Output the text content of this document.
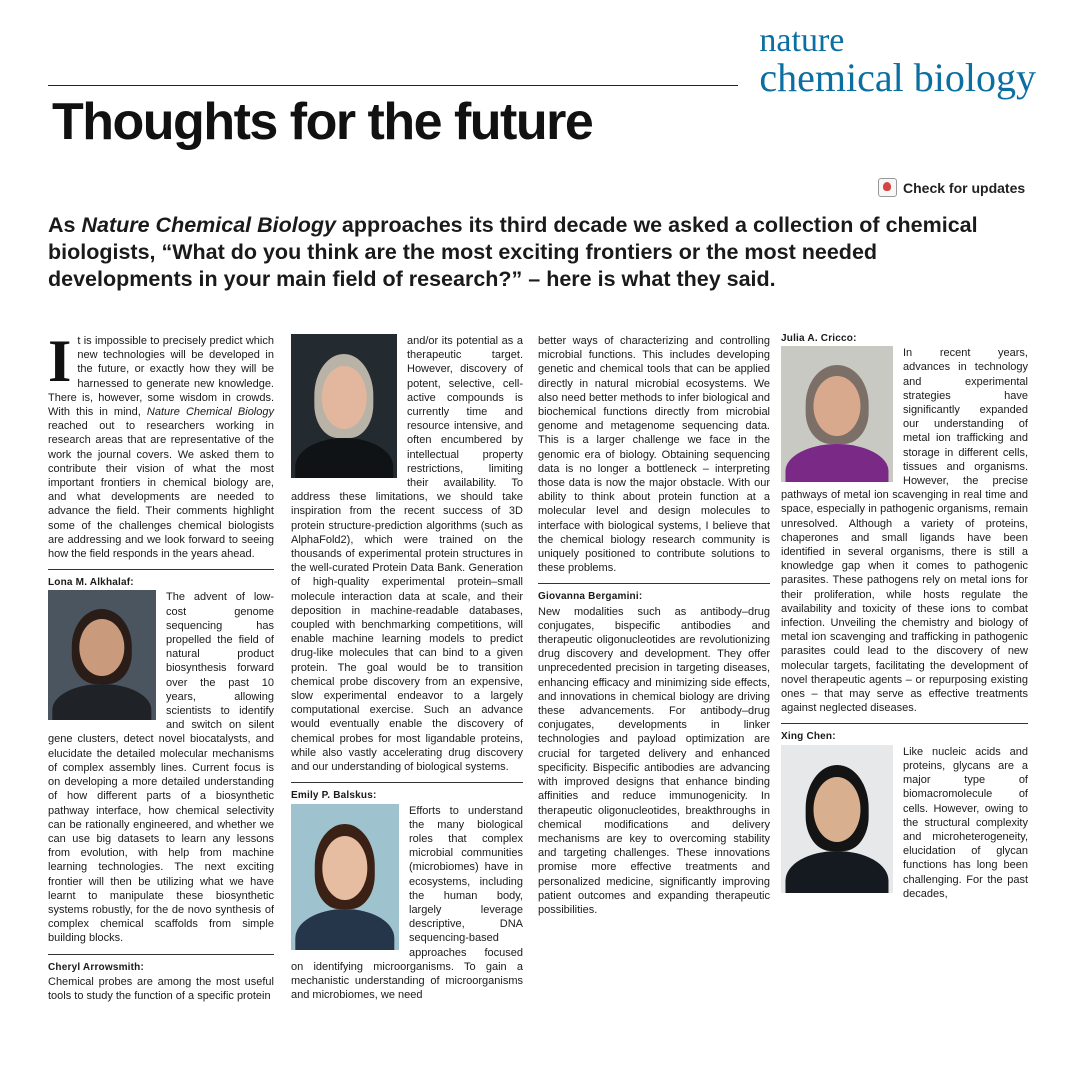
Thoughts for the future
nature
chemical biology
Check for updates

As Nature Chemical Biology approaches its third decade we asked a collection of chemical biologists, “What do you think are the most exciting frontiers or the most needed developments in your main field of research?” – here is what they said.

It is impossible to precisely predict which new technologies will be developed in the future, or exactly how they will be harnessed to generate new knowledge. There is, however, some wisdom in crowds. With this in mind, Nature Chemical Biology reached out to researchers working in research areas that are representative of the work the journal covers. We asked them to contribute their vision of what the most important frontiers in chemical biology are, and what developments are needed to advance the field. Their comments highlight some of the challenges chemical biologists are addressing and we look forward to seeing how the field responds in the years ahead.

Lona M. Alkhalaf:

The advent of low-cost genome sequencing has propelled the field of natural product biosynthesis forward over the past 10 years, allowing scientists to identify and switch on silent gene clusters, detect novel biocatalysts, and elucidate the detailed molecular mechanisms of complex assembly lines. Current focus is on developing a more detailed understanding of how different parts of a biosynthetic pathway interface, how chemical selectivity can be rationally engineered, and whether we can use big datasets to learn any lessons from evolution, with help from machine learning technologies. The next exciting frontier will then be utilizing what we have learnt to manipulate these biosynthetic systems robustly, for the de novo synthesis of complex chemical scaffolds from simple building blocks.

Cheryl Arrowsmith:

Chemical probes are among the most useful tools to study the function of a specific protein

and/or its potential as a therapeutic target. However, discovery of potent, selective, cell-active compounds is currently time and resource intensive, and often encumbered by intellectual property restrictions, limiting their availability. To address these limitations, we should take inspiration from the recent success of 3D protein structure-prediction algorithms (such as AlphaFold2), which were trained on the thousands of experimental protein structures in the well-curated Protein Data Bank. Generation of high-quality experimental protein–small molecule interaction data at scale, and their deposition in machine-readable databases, coupled with benchmarking competitions, will enable machine learning models to predict drug-like molecules that can bind to a given protein. The goal would be to transition chemical probe discovery from an expensive, slow experimental endeavor to a largely computational exercise. Such an advance would eventually enable the discovery of chemical probes for most ligandable proteins, while also vastly accelerating drug discovery and our understanding of biological systems.

Emily P. Balskus:

Efforts to understand the many biological roles that complex microbial communities (microbiomes) have in ecosystems, including the human body, largely leverage descriptive, DNA sequencing-based approaches focused on identifying microorganisms. To gain a mechanistic understanding of microorganisms and microbiomes, we need

better ways of characterizing and controlling microbial functions. This includes developing genetic and chemical tools that can be applied directly in natural microbial ecosystems. We also need better methods to infer biological and biochemical functions directly from microbial genome and metagenome sequencing data. This is a larger challenge we face in the genomic era of biology. Obtaining sequencing data is no longer a bottleneck – interpreting those data is now the major obstacle. With our ability to think about protein function at a molecular level and design molecules to interface with biological systems, I believe that the chemical biology research community is uniquely positioned to contribute solutions to these problems.

Giovanna Bergamini:

New modalities such as antibody–drug conjugates, bispecific antibodies and therapeutic oligonucleotides are revolutionizing drug discovery and development. They offer unprecedented precision in targeting diseases, enhancing efficacy and minimizing side effects, and innovations in chemical biology are driving these advancements. For antibody–drug conjugates, developments in linker technologies and payload optimization are crucial for targeted delivery and enhanced specificity. Bispecific antibodies are advancing with improved designs that enhance binding affinities and reduce immunogenicity. In therapeutic oligonucleotides, breakthroughs in chemical modifications and delivery mechanisms are key to overcoming stability and targeting challenges. These innovations promise more effective treatments and personalized medicine, significantly improving patient outcomes and expanding therapeutic possibilities.

Julia A. Cricco:

In recent years, advances in technology and experimental strategies have significantly expanded our understanding of metal ion trafficking and storage in different cells, tissues and organisms. However, the precise pathways of metal ion scavenging in real time and space, especially in pathogenic organisms, remain unresolved. Although a variety of proteins, chaperones and small ligands have been identified in several organisms, there is still a knowledge gap when it comes to pathogenic parasites. These pathogens rely on metal ions for their proliferation, while hosts regulate the availability and toxicity of these ions to combat infection. Unveiling the chemistry and biology of metal ion scavenging and trafficking in pathogenic parasites could lead to the discovery of new molecular targets, facilitating the development of novel therapeutic agents – or repurposing existing ones – that may serve as effective treatments against neglected diseases.

Xing Chen:

Like nucleic acids and proteins, glycans are a major type of biomacromolecule of cells. However, owing to the structural complexity and microheterogeneity, elucidation of glycan functions has long been challenging. For the past decades,
